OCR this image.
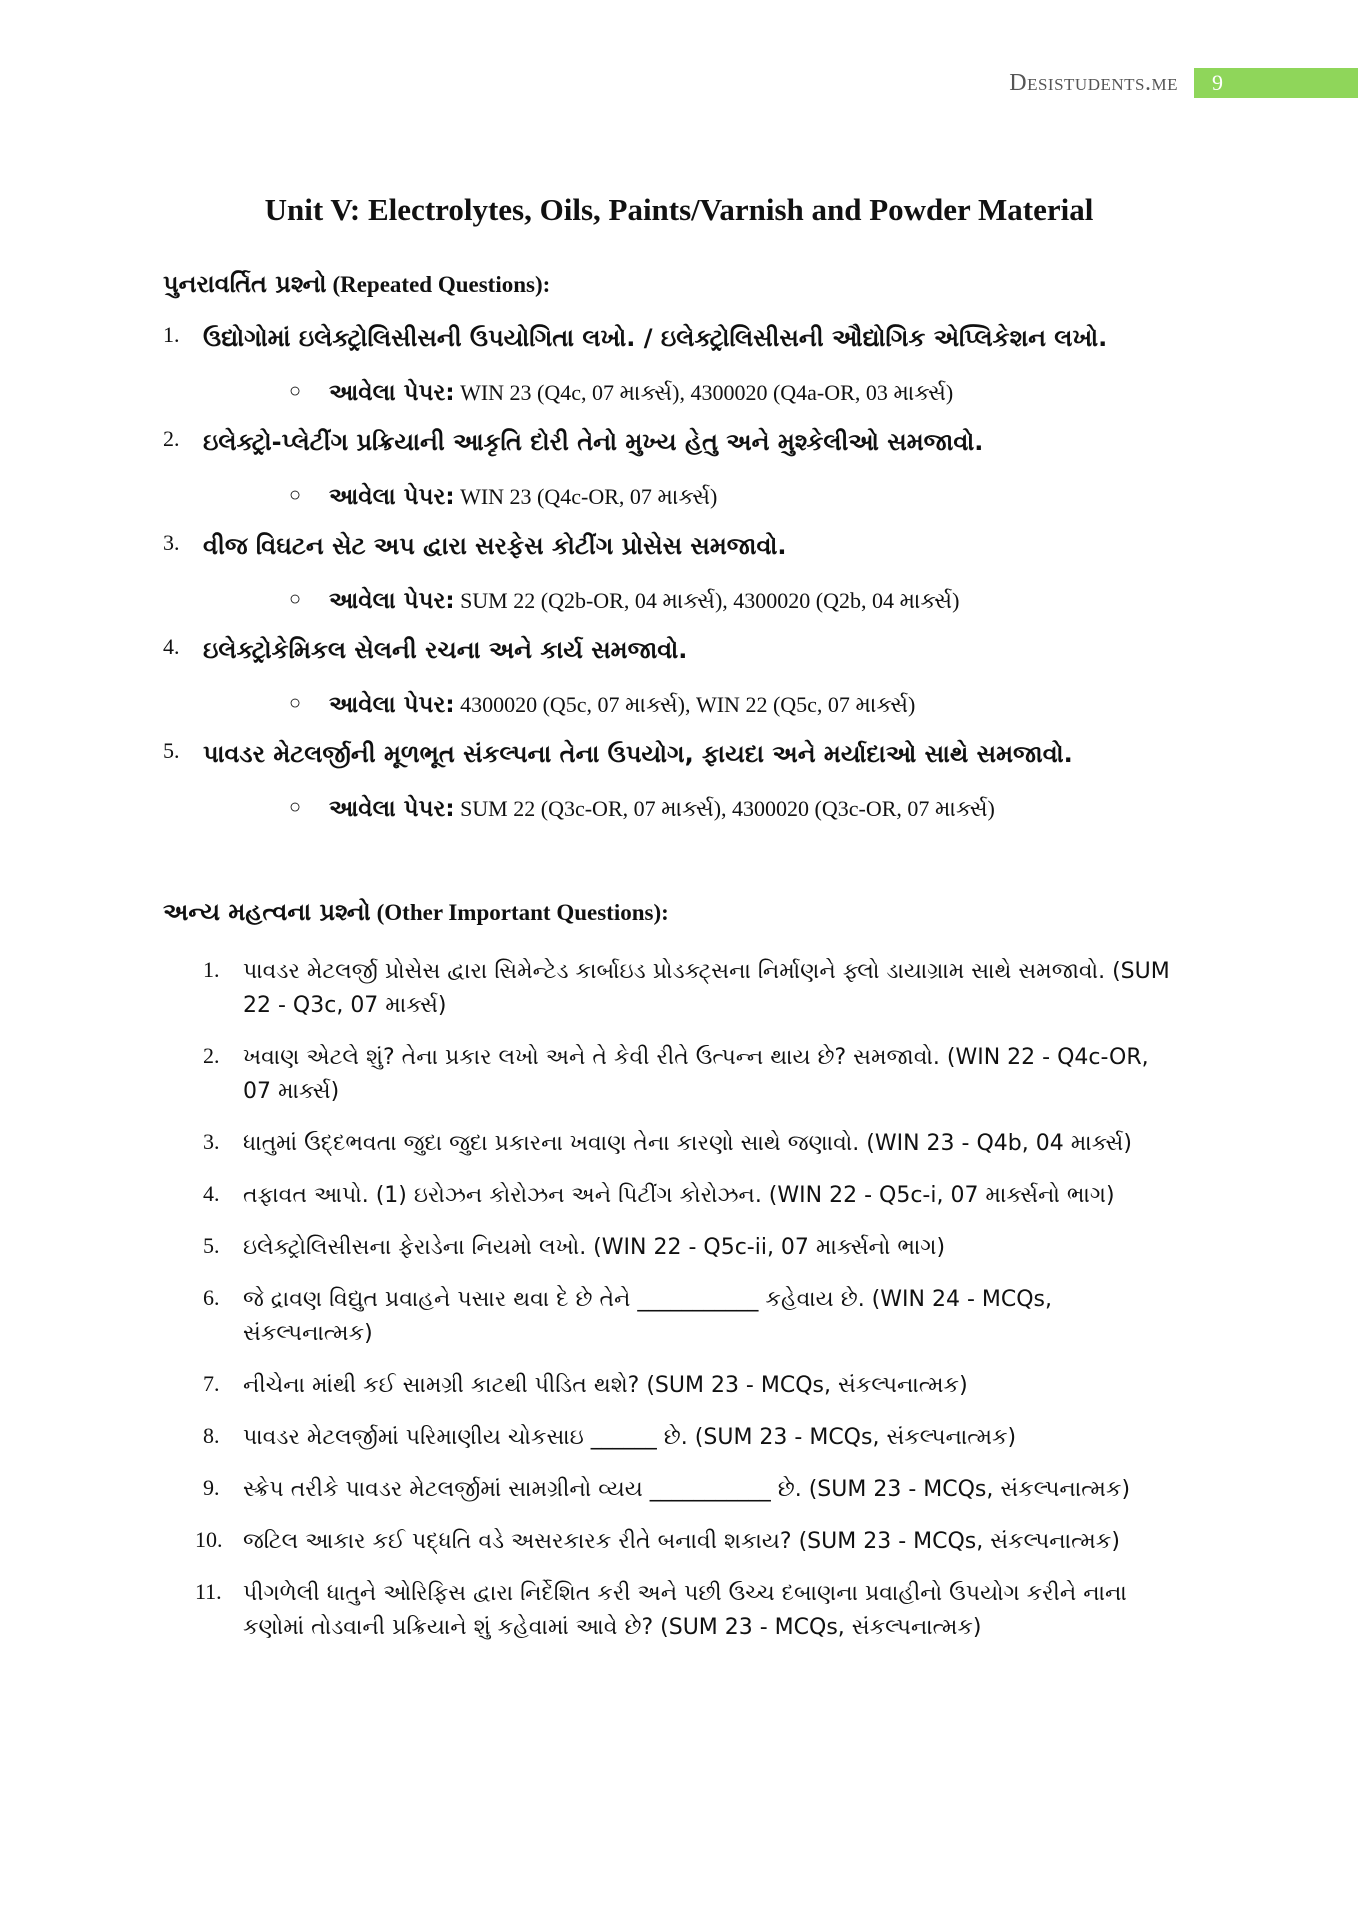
Desistudents.me	9
Unit V: Electrolytes, Oils, Paints/Varnish and Powder Material
પુનરાવર્તિત પ્રશ્નો (Repeated Questions):
1. ઉદ્યોગોમાં ઇલેક્ટ્રોલિસીસની ઉપયોગિતા લખો. / ઇલેક્ટ્રોલિસીસની ઔદ્યોગિક એપ્લિકેશન લખો.
○ આવેલા પેપર: WIN 23 (Q4c, 07 માર્ક્સ), 4300020 (Q4a-OR, 03 માર્ક્સ)
2. ઇલેક્ટ્રો-પ્લેટીંગ પ્રક્રિયાની આકૃતિ દોરી તેનો મુખ્ય હેતુ અને મુશ્કેલીઓ સમજાવો.
○ આવેલા પેપર: WIN 23 (Q4c-OR, 07 માર્ક્સ)
3. વીજ વિઘટન સેટ અપ દ્વારા સરફેસ કોટીંગ પ્રોસેસ સમજાવો.
○ આવેલા પેપર: SUM 22 (Q2b-OR, 04 માર્ક્સ), 4300020 (Q2b, 04 માર્ક્સ)
4. ઇલેક્ટ્રોકેમિકલ સેલની રચના અને કાર્ય સમજાવો.
○ આવેલા પેપર: 4300020 (Q5c, 07 માર્ક્સ), WIN 22 (Q5c, 07 માર્ક્સ)
5. પાવડર મેટલર્જીની મૂળભૂત સંકલ્પના તેના ઉપયોગ, ફાયદા અને મર્યાદાઓ સાથે સમજાવો.
○ આવેલા પેપર: SUM 22 (Q3c-OR, 07 માર્ક્સ), 4300020 (Q3c-OR, 07 માર્ક્સ)
અન્ય મહત્વના પ્રશ્નો (Other Important Questions):
1. પાવડર મેટલર્જી પ્રોસેસ દ્વારા સિમેન્ટેડ કાર્બાઇડ પ્રોડક્ટ્સના નિર્માણને ફ્લો ડાયાગ્રામ સાથે સમજાવો. (SUM 22 - Q3c, 07 માર્ક્સ)
2. ખવાણ એટલે શું? તેના પ્રકાર લખો અને તે કેવી રીતે ઉત્પન્ન થાય છે? સમજાવો. (WIN 22 - Q4c-OR, 07 માર્ક્સ)
3. ધાતુમાં ઉદ્દભવતા જુદા જુદા પ્રકારના ખવાણ તેના કારણો સાથે જણાવો. (WIN 23 - Q4b, 04 માર્ક્સ)
4. તફાવત આપો. (1) ઇરોઝન કોરોઝન અને પિટીંગ કોરોઝન. (WIN 22 - Q5c-i, 07 માર્ક્સનો ભાગ)
5. ઇલેક્ટ્રોલિસીસના ફેરાડેના નિયમો લખો. (WIN 22 - Q5c-ii, 07 માર્ક્સનો ભાગ)
6. જે દ્રાવણ વિદ્યુત પ્રવાહને પસાર થવા દે છે તેને ___________ કહેવાય છે. (WIN 24 - MCQs, સંકલ્પનાત્મક)
7. નીચેના માંથી કઈ સામગ્રી કાટથી પીડિત થશે? (SUM 23 - MCQs, સંકલ્પનાત્મક)
8. પાવડર મેટલર્જીમાં પરિમાણીય ચોકસાઇ ______ છે. (SUM 23 - MCQs, સંકલ્પનાત્મક)
9. સ્ક્રેપ તરીકે પાવડર મેટલર્જીમાં સામગ્રીનો વ્યય ___________ છે. (SUM 23 - MCQs, સંકલ્પનાત્મક)
10. જટિલ આકાર કઈ પદ્ધતિ વડે અસરકારક રીતે બનાવી શકાય? (SUM 23 - MCQs, સંકલ્પનાત્મક)
11. પીગળેલી ધાતુને ઓરિફિસ દ્વારા નિર્દેશિત કરી અને પછી ઉચ્ચ દબાણના પ્રવાહીનો ઉપયોગ કરીને નાના કણોમાં તોડવાની પ્રક્રિયાને શું કહેવામાં આવે છે? (SUM 23 - MCQs, સંકલ્પનાત્મક)
